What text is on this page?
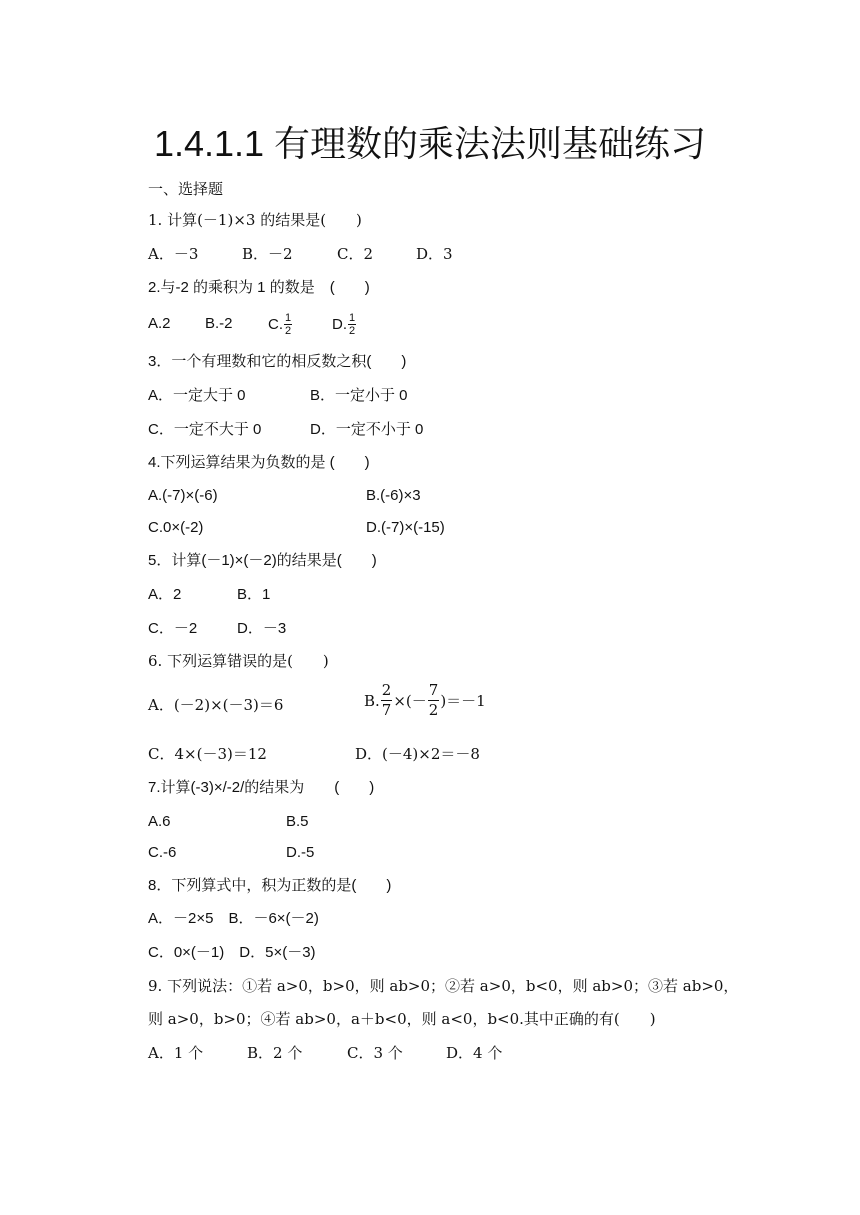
1.4.1.1 有理数的乘法法则基础练习
一、选择题
1. 计算(－1)×3 的结果是(　　)
A．－3	B．－2	C．2	D．3
2.与-2 的乘积为 1 的数是　(　　)
A.2 B.-2 C. $\frac{1}{2}$	D. $\frac{1}{2}$
3．一个有理数和它的相反数之积(　　)
A．一定大于 0	B．一定小于 0
C．一定不大于 0	D．一定不小于 0
4.下列运算结果为负数的是 (　　)
A.(-7)×(-6)	B.(-6)×3
C.0×(-2)	D.(-7)×(-15)
5．计算(－1)×(－2)的结果是(　　)
A．2	B．1
C．－2	D．－3
6. 下列运算错误的是(　　)
A．(－2)×(－3)＝6	B. $\frac{2}{7}$ ×(－ $\frac{7}{2} )=-1$
C．4×(－3)＝12	D．(－4)×2＝－8
7.计算(-3)×/-2/的结果为　　(　　)
A.6	B.5
C.-6	D.-5
8．下列算式中，积为正数的是(　　)
A．－2×5　B．－6×(－2)
C．0×(－1)　D．5×(－3)
9. 下列说法：①若 a>0，b>0，则 ab>0；②若 a>0，b<0，则 ab>0；③若 ab>0，
则 a>0，b>0；④若 ab>0，a＋b<0，则 a<0，b<0.其中正确的有(　　)
A．1 个	B．2 个	C．3 个	D．4 个
